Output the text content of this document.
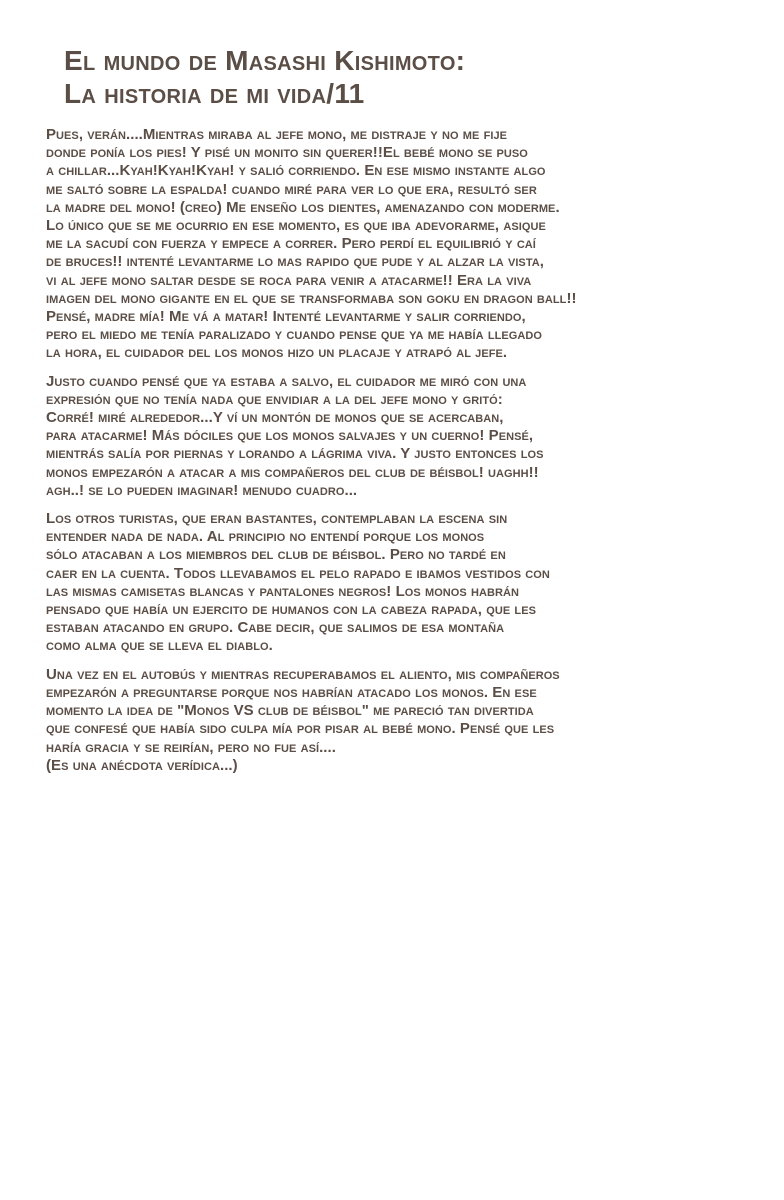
El mundo de Masashi Kishimoto:
La historia de mi vida/11

Pues, verán....Mientras miraba al jefe mono, me distraje y no me fije
donde ponía los pies! Y pisé un monito sin querer!!El bebé mono se puso
a chillar...Kyah!Kyah!Kyah! y salió corriendo. En ese mismo instante algo
me saltó sobre la espalda! cuando miré para ver lo que era, resultó ser
la madre del mono! (creo) Me enseño los dientes, amenazando con moderme.
Lo único que se me ocurrio en ese momento, es que iba adevorarme, asique
me la sacudí con fuerza y empece a correr. Pero perdí el equilibrió y caí
de bruces!! intenté levantarme lo mas rapido que pude y al alzar la vista,
vi al jefe mono saltar desde se roca para venir a atacarme!! Era la viva
imagen del mono gigante en el que se transformaba son goku en dragon ball!!
Pensé, madre mía! Me vá a matar! Intenté levantarme y salir corriendo,
pero el miedo me tenía paralizado y cuando pense que ya me había llegado
la hora, el cuidador del los monos hizo un placaje y atrapó al jefe.

Justo cuando pensé que ya estaba a salvo, el cuidador me miró con una
expresión que no tenía nada que envidiar a la del jefe mono y gritó:
Corré! miré alrededor...Y ví un montón de monos que se acercaban,
para atacarme! Más dóciles que los monos salvajes y un cuerno! Pensé,
mientrás salía por piernas y lorando a lágrima viva. Y justo entonces los
monos empezarón a atacar a mis compañeros del club de béisbol! uaghh!!
agh..! se lo pueden imaginar! menudo cuadro...

Los otros turistas, que eran bastantes, contemplaban la escena sin
entender nada de nada. Al principio no entendí porque los monos
sólo atacaban a los miembros del club de béisbol. Pero no tardé en
caer en la cuenta. Todos llevabamos el pelo rapado e ibamos vestidos con
las mismas camisetas blancas y pantalones negros! Los monos habrán
pensado que había un ejercito de humanos con la cabeza rapada, que les
estaban atacando en grupo. Cabe decir, que salimos de esa montaña
como alma que se lleva el diablo.

Una vez en el autobús y mientras recuperabamos el aliento, mis compañeros
empezarón a preguntarse porque nos habrían atacado los monos. En ese
momento la idea de "Monos VS club de béisbol" me pareció tan divertida
que confesé que había sido culpa mía por pisar al bebé mono. Pensé que les
haría gracia y se reirían, pero no fue así....
(Es una anécdota verídica...)
